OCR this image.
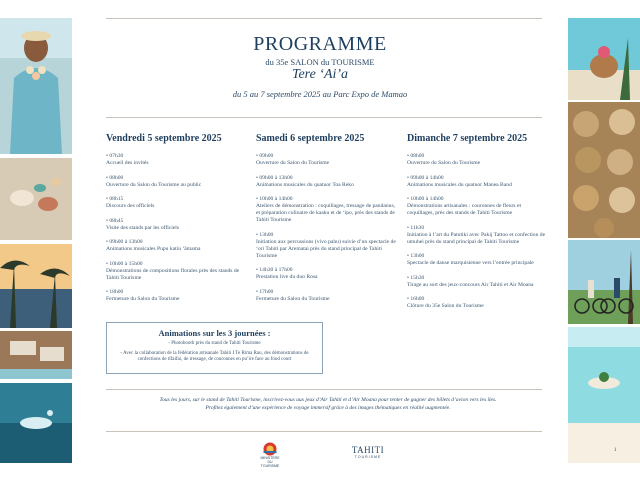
PROGRAMME
du 35e SALON du TOURISME
Tere ‘Ai’a
du 5 au 7 septembre 2025 au Parc Expo de Mamao
Vendredi 5 septembre 2025
• 07h30
Accueil des invités
• 08h00
Ouverture du Salon du Tourisme au public
• 08h15
Discours des officiels
• 08h45
Visite des stands par les officiels
• 09h00 à 13h00
Animations musicales Pupu katiu ‘āmama
• 10h00 à 15h00
Démonstrations de compositions florales près des stands de Tahiti Tourisme
• 18h00
Fermeture du Salon du Tourisme
Samedi 6 septembre 2025
• 09h00
Ouverture du Salon du Tourisme
• 09h00 à 13h00
Animations musicales du quatuor Toa Reko
• 10h00 à 14h00
Ateliers de démonstration : coquillages, tressage de pandanus, et préparation culinaire de kaaku et de ‘ipo, près des stands de Tahiti Tourisme
• 13h00
Initiation aux percussions (vivo pahu) suivie d’un spectacle de ‘ori Tahiti par Arematai près du stand principal de Tahiti Tourisme
• 14h30 à 17h00
Prestation live du duo Rosa
• 17h00
Fermeture du Salon du Tourisme
Dimanche 7 septembre 2025
• 08h00
Ouverture du Salon du Tourisme
• 09h00 à 14h00
Animations musicales du quatuor Manea Band
• 10h00 à 14h00
Démonstrations artisanales : couronnes de fleurs et coquillages, près des stands de Tahiti Tourisme
• 11h30
Initiation à l’art du Patutiki avec Pakij Tattoo et confection de umuhei près du stand principal de Tahiti Tourisme
• 13h00
Spectacle de danse marquisienne vers l’entrée principale
• 15h30
Tirage au sort des jeux-concours Air Tahiti et Air Moana
• 16h00
Clôture du 35e Salon du Tourisme
Animations sur les 3 journées :
- Photobooth près du stand de Tahiti Tourisme
- Avec la collaboration de la fédération artisanale Tahiti I Te Rima Rau, des démonstrations de confections de tīfaifai, de tressage, de couronnes en pu’ire face au food court
Tous les jours, sur le stand de Tahiti Tourisme, inscrivez-vous aux jeux d’Air Tahiti et d’Air Moana pour tenter de gagner des billets d’avion vers les îles.
Profitez également d’une expérience de voyage immersif grâce à des images thématiques en réalité augmentée.
MINISTÈRE DU TOURISME
TAHITI
TOURISME
1
